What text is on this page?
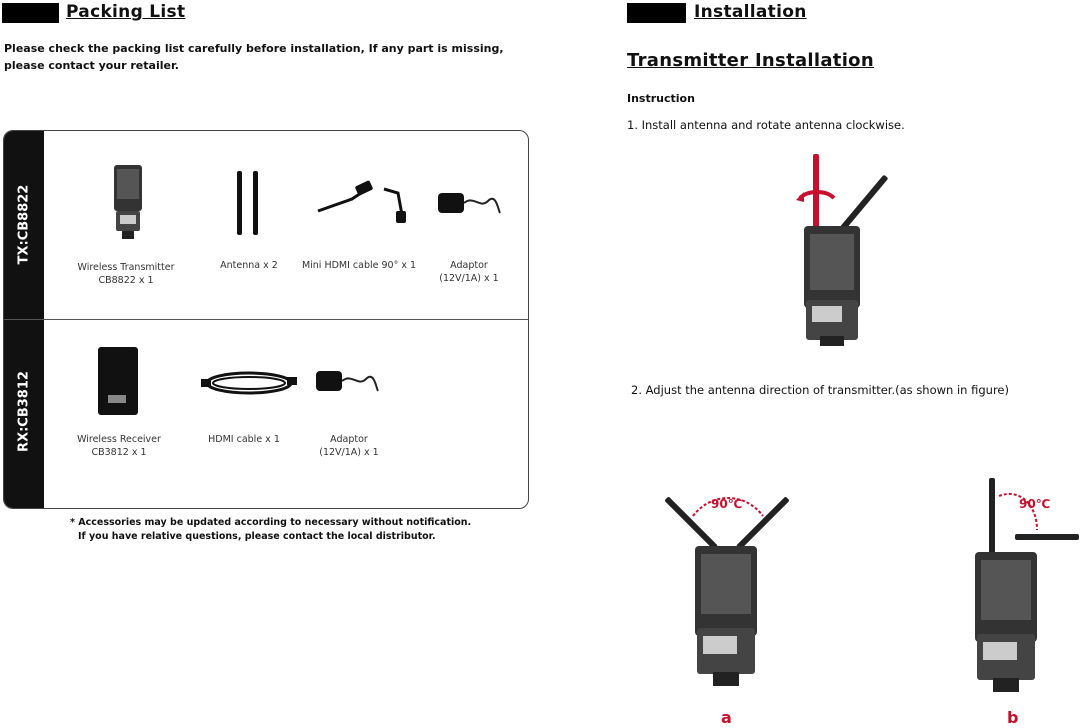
Packing List
Please check the packing list carefully before installation, If any part is missing, please contact your retailer.
TX:CB8822
RX:CB3812
Wireless Transmitter
CB8822 x 1
Antenna x 2	Mini HDMI cable 90° x 1	Adaptor
(12V/1A) x 1
Wireless Receiver
CB3812 x 1
HDMI cable x 1	Adaptor
(12V/1A) x 1
* Accessories may be updated according to necessary without notification.
If you have relative questions, please contact the local distributor.
Installation
Transmitter Installation
Instruction
1. Install antenna and rotate antenna clockwise.
2. Adjust the antenna direction of transmitter.(as shown in figure)
90℃
a
90℃
b
